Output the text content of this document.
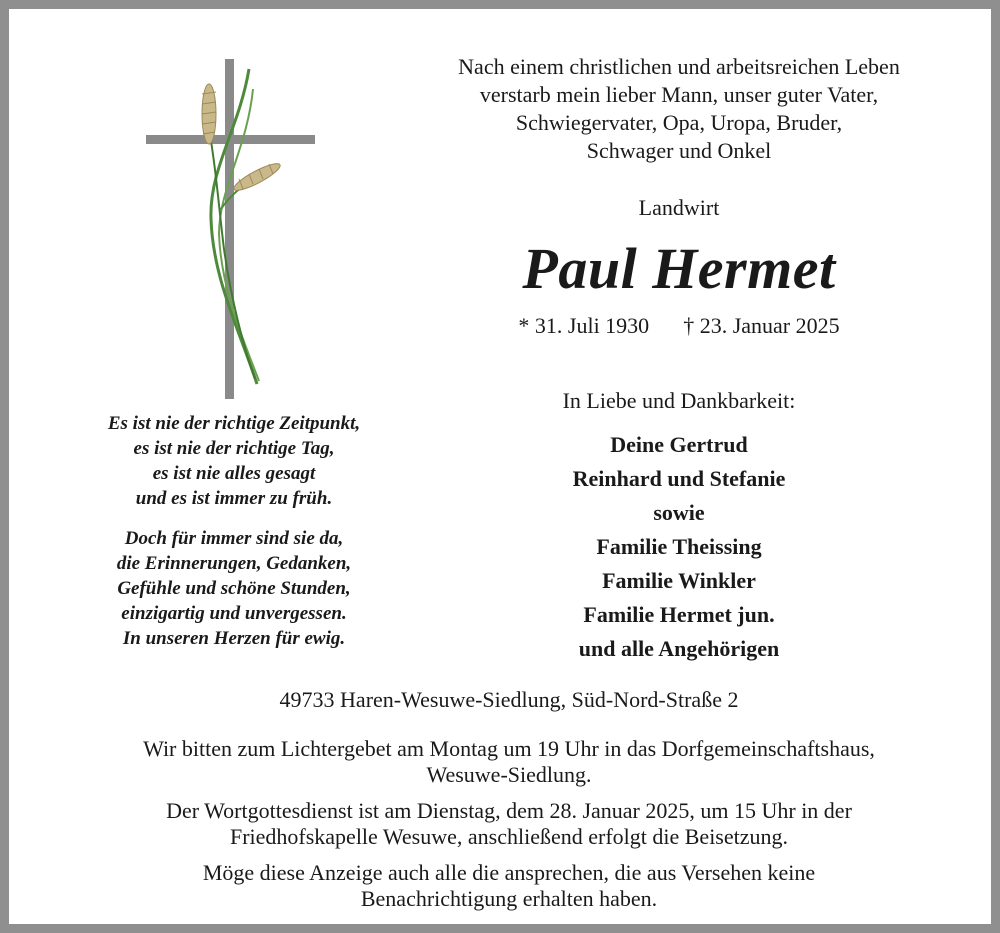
Es ist nie der richtige Zeitpunkt,
es ist nie der richtige Tag,
es ist nie alles gesagt
und es ist immer zu früh.
Doch für immer sind sie da,
die Erinnerungen, Gedanken,
Gefühle und schöne Stunden,
einzigartig und unvergessen.
In unseren Herzen für ewig.
Nach einem christlichen und arbeitsreichen Leben
verstarb mein lieber Mann, unser guter Vater,
Schwiegervater, Opa, Uropa, Bruder,
Schwager und Onkel
Landwirt
Paul Hermet
* 31. Juli 1930 † 23. Januar 2025
In Liebe und Dankbarkeit:
Deine Gertrud
Reinhard und Stefanie
sowie
Familie Theissing
Familie Winkler
Familie Hermet jun.
und alle Angehörigen
49733 Haren-Wesuwe-Siedlung, Süd-Nord-Straße 2
Wir bitten zum Lichtergebet am Montag um 19 Uhr in das Dorfgemeinschaftshaus,
Wesuwe-Siedlung.
Der Wortgottesdienst ist am Dienstag, dem 28. Januar 2025, um 15 Uhr in der
Friedhofskapelle Wesuwe, anschließend erfolgt die Beisetzung.
Möge diese Anzeige auch alle die ansprechen, die aus Versehen keine
Benachrichtigung erhalten haben.
